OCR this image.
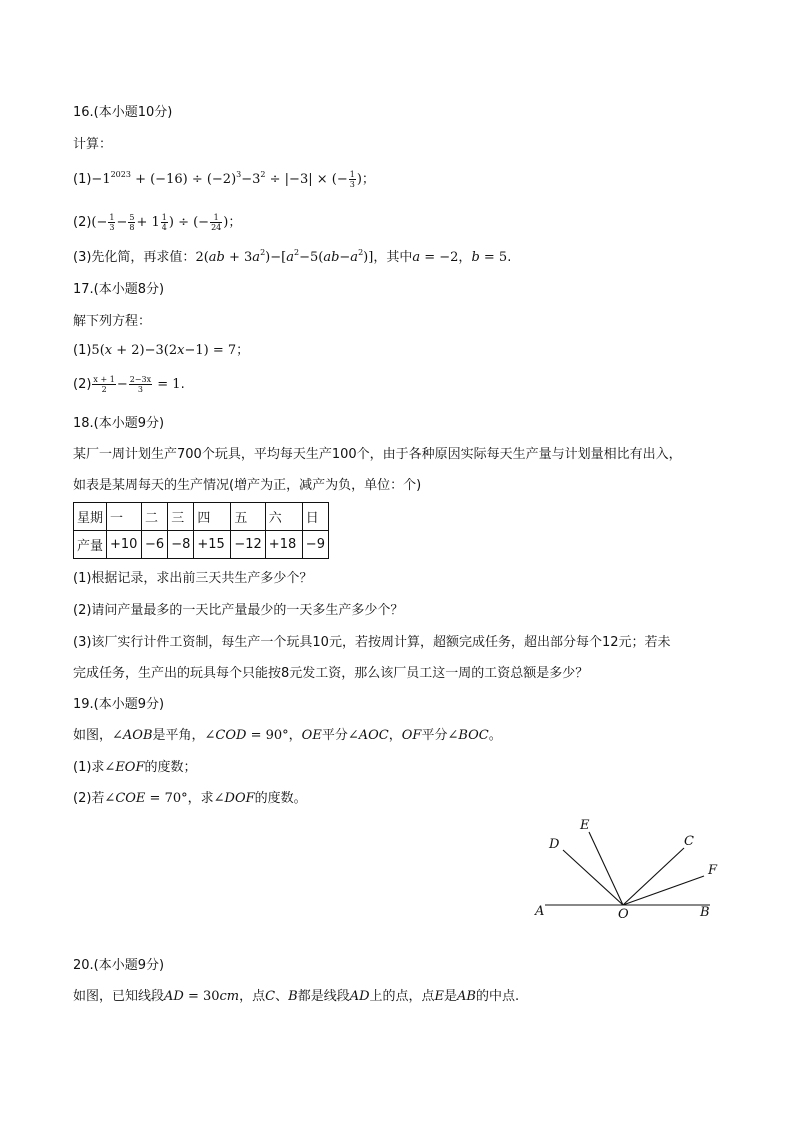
16.(本小题10分)
计算：
$(1)-1^{2023} + (-16) \div (-2)^3-3^2 \div |-3|$ × (− $\frac{1}{3}$ )；
$(2)(- \frac{1}{3} - \frac{5}{8} + 1 \frac{1}{4}$ ) ÷ (− $\frac{1}{24}$ )；
(3)先化简，再求值：$2(ab + 3a^2)-[a^2-5(ab-a^2)]$，其中a = −2，b = 5.
17.(本小题8分)
解下列方程：
(1)5(x + 2)−3(2x−1) = 7；
$(2) \frac{x + 1}{2} - \frac{2-3x}{3} = 1$.
18.(本小题9分)
某厂一周计划生产700个玩具，平均每天生产100个，由于各种原因实际每天生产量与计划量相比有出入，
如表是某周每天的生产情况(增产为正，减产为负，单位：个)
星期	一	二	三	四	五	六	日
产量	+10	−6	−8	+15	−12	+18	−9
(1)根据记录，求出前三天共生产多少个？
(2)请问产量最多的一天比产量最少的一天多生产多少个？
(3)该厂实行计件工资制，每生产一个玩具10元，若按周计算，超额完成任务，超出部分每个12元；若未
完成任务，生产出的玩具每个只能按8元发工资，那么该厂员工这一周的工资总额是多少？
19.(本小题9分)
如图，∠AOB是平角，∠COD = 90°，OE平分∠AOC，OF平分∠BOC。
(1)求∠EOF的度数；
(2)若∠COE = 70°，求∠DOF的度数。
A	O	B
D
E
C
F
20.(本小题9分)
如图，已知线段AD = 30cm，点C、B都是线段AD上的点，点E是AB的中点.
